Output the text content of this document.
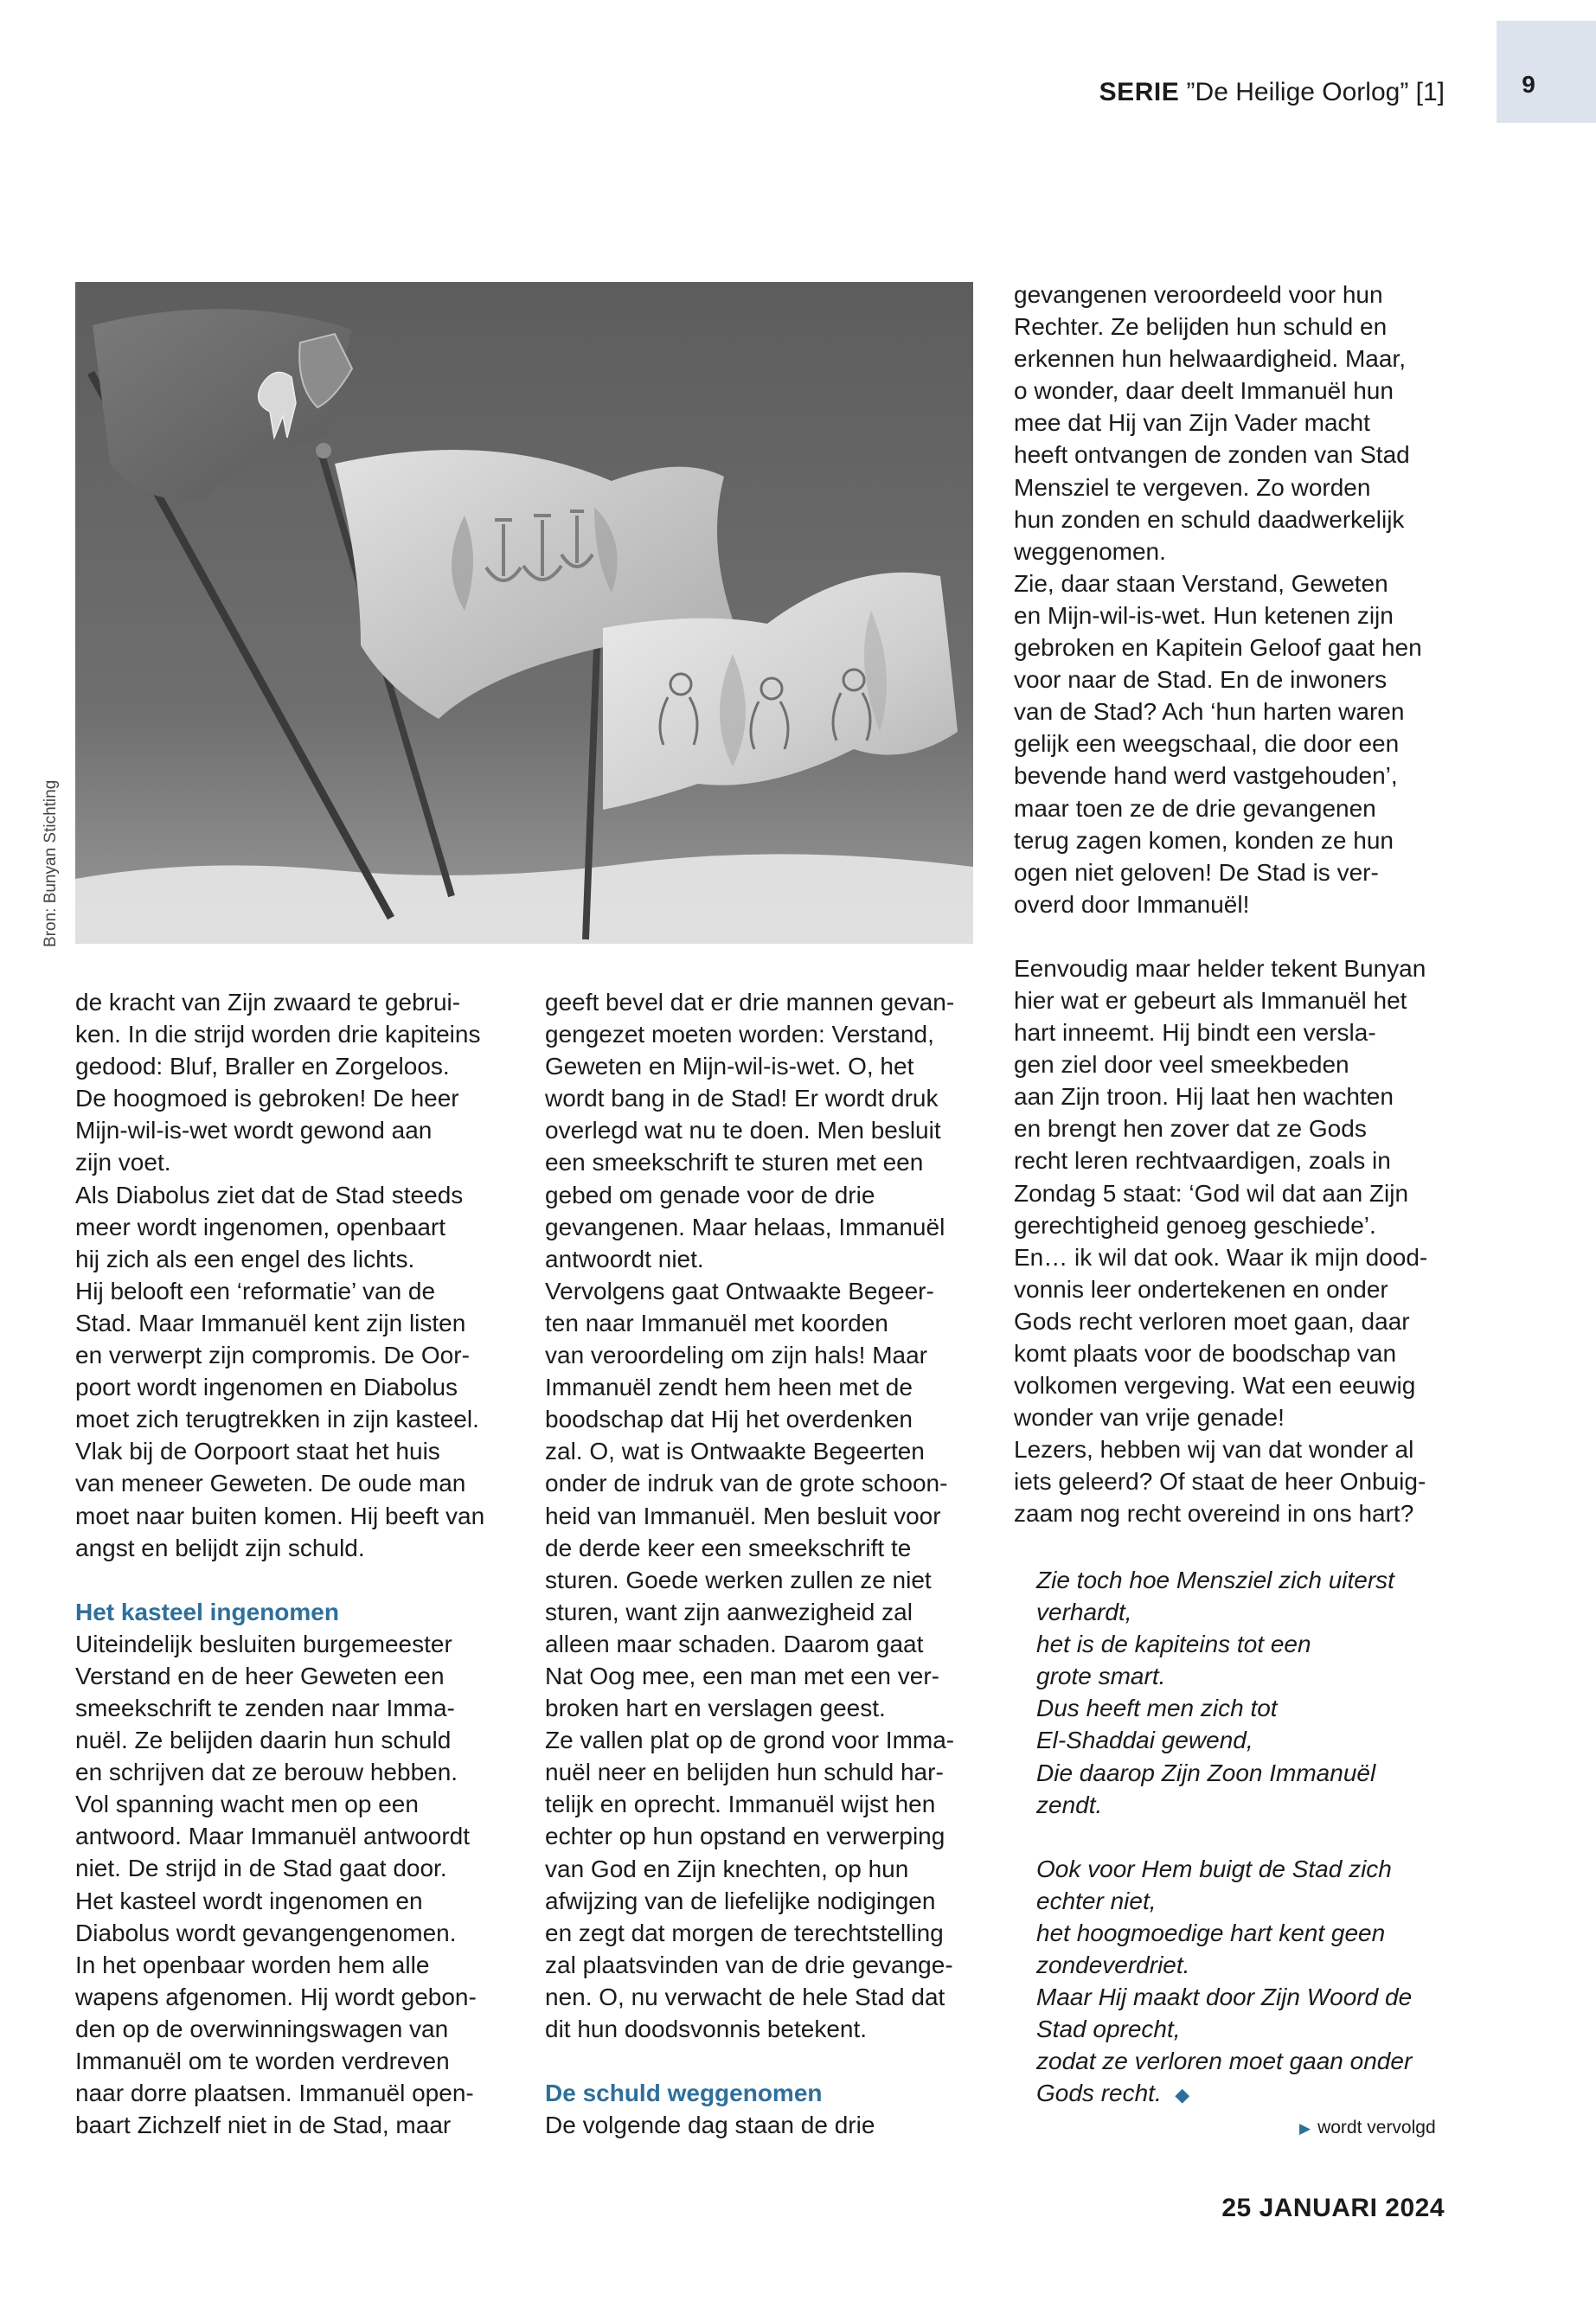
9
SERIE ”De Heilige Oorlog” [1]
Bron: Bunyan Stichting

de kracht van Zijn zwaard te gebrui-

ken. In die strijd worden drie kapiteins

gedood: Bluf, Braller en Zorgeloos.

De hoogmoed is gebroken! De heer

Mijn-wil-is-wet wordt gewond aan

zijn voet.

Als Diabolus ziet dat de Stad steeds

meer wordt ingenomen, openbaart

hij zich als een engel des lichts.

Hij belooft een ‘reformatie’ van de

Stad. Maar Immanuël kent zijn listen

en verwerpt zijn compromis. De Oor-

poort wordt ingenomen en Diabolus

moet zich terugtrekken in zijn kasteel.

Vlak bij de Oorpoort staat het huis

van meneer Geweten. De oude man

moet naar buiten komen. Hij beeft van

angst en belijdt zijn schuld.

Het kasteel ingenomen

Uiteindelijk besluiten burgemeester

Verstand en de heer Geweten een

smeekschrift te zenden naar Imma-

nuël. Ze belijden daarin hun schuld

en schrijven dat ze berouw hebben.

Vol spanning wacht men op een

antwoord. Maar Immanuël antwoordt

niet. De strijd in de Stad gaat door.

Het kasteel wordt ingenomen en

Diabolus wordt gevangengenomen.

In het openbaar worden hem alle

wapens afgenomen. Hij wordt gebon-

den op de overwinningswagen van

Immanuël om te worden verdreven

naar dorre plaatsen. Immanuël open-

baart Zichzelf niet in de Stad, maar

geeft bevel dat er drie mannen gevan-

gengezet moeten worden: Verstand,

Geweten en Mijn-wil-is-wet. O, het

wordt bang in de Stad! Er wordt druk

overlegd wat nu te doen. Men besluit

een smeekschrift te sturen met een

gebed om genade voor de drie

gevangenen. Maar helaas, Immanuël

antwoordt niet.

Vervolgens gaat Ontwaakte Begeer-

ten naar Immanuël met koorden

van veroordeling om zijn hals! Maar

Immanuël zendt hem heen met de

boodschap dat Hij het overdenken

zal. O, wat is Ontwaakte Begeerten

onder de indruk van de grote schoon-

heid van Immanuël. Men besluit voor

de derde keer een smeekschrift te

sturen. Goede werken zullen ze niet

sturen, want zijn aanwezigheid zal

alleen maar schaden. Daarom gaat

Nat Oog mee, een man met een ver-

broken hart en verslagen geest.

Ze vallen plat op de grond voor Imma-

nuël neer en belijden hun schuld har-

telijk en oprecht. Immanuël wijst hen

echter op hun opstand en verwerping

van God en Zijn knechten, op hun

afwijzing van de liefelijke nodigingen

en zegt dat morgen de terechtstelling

zal plaatsvinden van de drie gevange-

nen. O, nu verwacht de hele Stad dat

dit hun doodsvonnis betekent.

De schuld weggenomen

De volgende dag staan de drie

gevangenen veroordeeld voor hun

Rechter. Ze belijden hun schuld en

erkennen hun helwaardigheid. Maar,

o wonder, daar deelt Immanuël hun

mee dat Hij van Zijn Vader macht

heeft ontvangen de zonden van Stad

Mensziel te vergeven. Zo worden

hun zonden en schuld daadwerkelijk

weggenomen.

Zie, daar staan Verstand, Geweten

en Mijn-wil-is-wet. Hun ketenen zijn

gebroken en Kapitein Geloof gaat hen

voor naar de Stad. En de inwoners

van de Stad? Ach ‘hun harten waren

gelijk een weegschaal, die door een

bevende hand werd vastgehouden’,

maar toen ze de drie gevangenen

terug zagen komen, konden ze hun

ogen niet geloven! De Stad is ver-

overd door Immanuël!

Eenvoudig maar helder tekent Bunyan

hier wat er gebeurt als Immanuël het

hart inneemt. Hij bindt een versla-

gen ziel door veel smeekbeden

aan Zijn troon. Hij laat hen wachten

en brengt hen zover dat ze Gods

recht leren rechtvaardigen, zoals in

Zondag 5 staat: ‘God wil dat aan Zijn

gerechtigheid genoeg geschiede’.

En… ik wil dat ook. Waar ik mijn dood-

vonnis leer ondertekenen en onder

Gods recht verloren moet gaan, daar

komt plaats voor de boodschap van

volkomen vergeving. Wat een eeuwig

wonder van vrije genade!

Lezers, hebben wij van dat wonder al

iets geleerd? Of staat de heer Onbuig-

zaam nog recht overeind in ons hart?

Zie toch hoe Mensziel zich uiterst

verhardt,

het is de kapiteins tot een

grote smart.

Dus heeft men zich tot

El-Shaddai gewend,

Die daarop Zijn Zoon Immanuël

zendt.

Ook voor Hem buigt de Stad zich

echter niet,

het hoogmoedige hart kent geen

zondeverdriet.

Maar Hij maakt door Zijn Woord de

Stad oprecht,

zodat ze verloren moet gaan onder

Gods recht. ◆

▶ wordt vervolgd
25 JANUARI 2024
